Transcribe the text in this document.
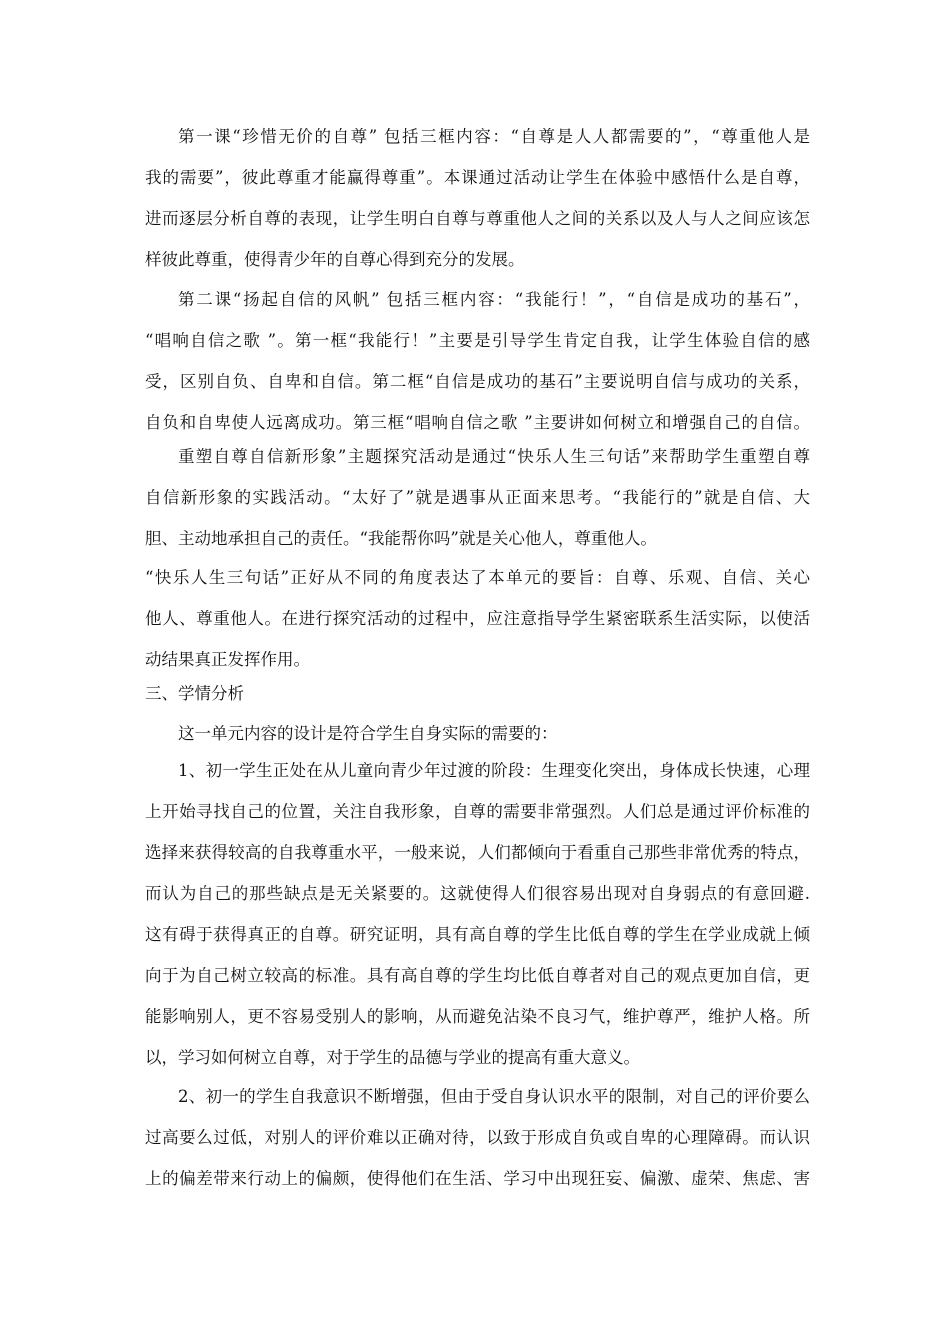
第一课“珍惜无价的自尊” 包括三框内容：“自尊是人人都需要的”，“尊重他人是
我的需要”，彼此尊重才能赢得尊重”。本课通过活动让学生在体验中感悟什么是自尊，
进而逐层分析自尊的表现，让学生明白自尊与尊重他人之间的关系以及人与人之间应该怎
样彼此尊重，使得青少年的自尊心得到充分的发展。
第二课“扬起自信的风帆” 包括三框内容：“我能行！”，“自信是成功的基石”，
“唱响自信之歌 ”。第一框“我能行！”主要是引导学生肯定自我，让学生体验自信的感
受，区别自负、自卑和自信。第二框“自信是成功的基石”主要说明自信与成功的关系，
自负和自卑使人远离成功。第三框“唱响自信之歌 ”主要讲如何树立和增强自己的自信。
重塑自尊自信新形象”主题探究活动是通过“快乐人生三句话”来帮助学生重塑自尊
自信新形象的实践活动。“太好了”就是遇事从正面来思考。“我能行的”就是自信、大
胆、主动地承担自己的责任。“我能帮你吗”就是关心他人，尊重他人。
“快乐人生三句话”正好从不同的角度表达了本单元的要旨：自尊、乐观、自信、关心
他人、尊重他人。在进行探究活动的过程中，应注意指导学生紧密联系生活实际，以使活
动结果真正发挥作用。
三、学情分析
这一单元内容的设计是符合学生自身实际的需要的：
1、初一学生正处在从儿童向青少年过渡的阶段：生理变化突出，身体成长快速，心理
上开始寻找自己的位置，关注自我形象，自尊的需要非常强烈。人们总是通过评价标准的
选择来获得较高的自我尊重水平，一般来说，人们都倾向于看重自己那些非常优秀的特点，
而认为自己的那些缺点是无关紧要的。这就使得人们很容易出现对自身弱点的有意回避.
这有碍于获得真正的自尊。研究证明，具有高自尊的学生比低自尊的学生在学业成就上倾
向于为自己树立较高的标准。具有高自尊的学生均比低自尊者对自己的观点更加自信，更
能影响别人，更不容易受别人的影响，从而避免沾染不良习气，维护尊严，维护人格。所
以，学习如何树立自尊，对于学生的品德与学业的提高有重大意义。
2、初一的学生自我意识不断增强，但由于受自身认识水平的限制，对自己的评价要么
过高要么过低，对别人的评价难以正确对待，以致于形成自负或自卑的心理障碍。而认识
上的偏差带来行动上的偏颇，使得他们在生活、学习中出现狂妄、偏激、虚荣、焦虑、害
